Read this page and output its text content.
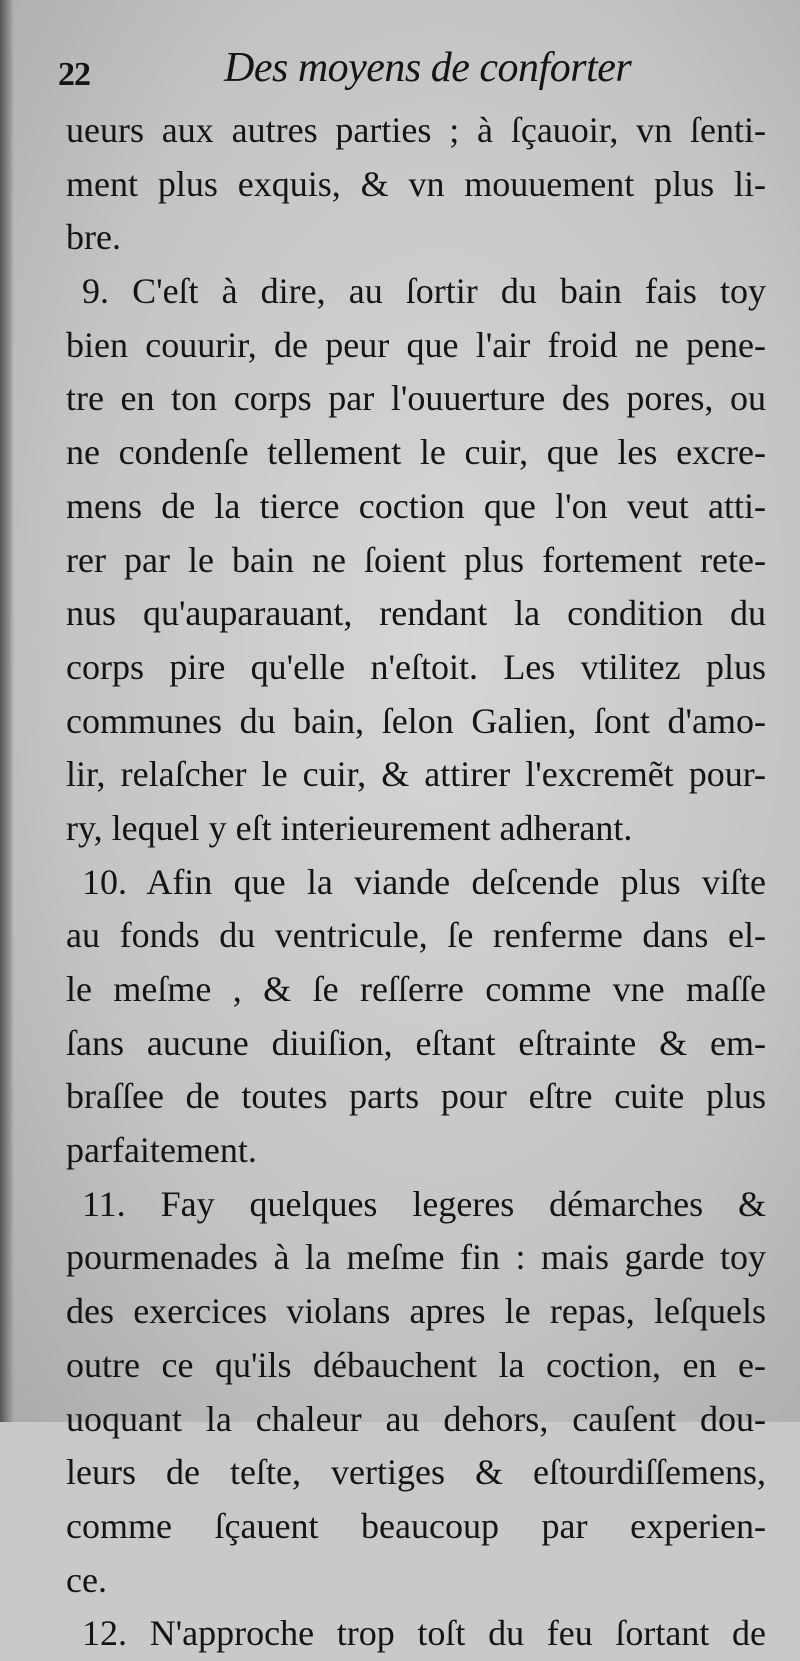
22	Des moyens de conforter
ueurs aux autres parties ; à ſçauoir, vn ſenti-
ment plus exquis, & vn mouuement plus li-
bre.
9. C'eſt à dire, au ſortir du bain fais toy
bien couurir, de peur que l'air froid ne pene-
tre en ton corps par l'ouuerture des pores, ou
ne condenſe tellement le cuir, que les excre-
mens de la tierce coction que l'on veut atti-
rer par le bain ne ſoient plus fortement rete-
nus qu'auparauant, rendant la condition du
corps pire qu'elle n'eſtoit. Les vtilitez plus
communes du bain, ſelon Galien, ſont d'amo-
lir, relaſcher le cuir, & attirer l'excremẽt pour-
ry, lequel y eſt interieurement adherant.
10. Afin que la viande deſcende plus viſte
au fonds du ventricule, ſe renferme dans el-
le meſme , & ſe reſſerre comme vne maſſe
ſans aucune diuiſion, eſtant eſtrainte & em-
braſſee de toutes parts pour eſtre cuite plus
parfaitement.
11. Fay quelques legeres démarches &
pourmenades à la meſme fin : mais garde toy
des exercices violans apres le repas, leſquels
outre ce qu'ils débauchent la coction, en e-
uoquant la chaleur au dehors, cauſent dou-
leurs de teſte, vertiges & eſtourdiſſemens,
comme ſçauent beaucoup par experien-
ce.
12. N'approche trop toſt du feu ſortant de
